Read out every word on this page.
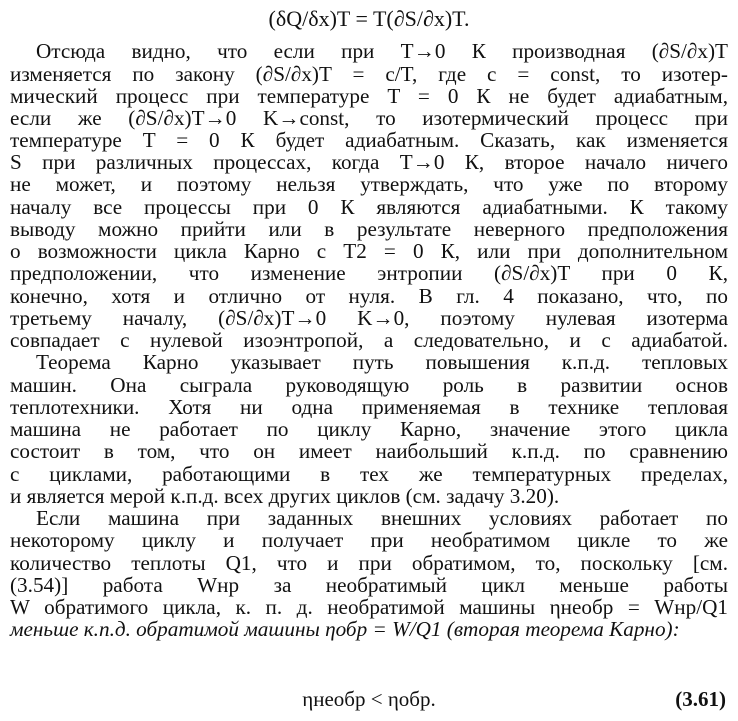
(δQ/δx)T = T(∂S/∂x)T.
Отсюда видно, что если при T→0 К производная (∂S/∂x)T
изменяется по закону (∂S/∂x)T = c/T, где c = const, то изотер-
мический процесс при температуре T = 0 К не будет адиабатным,
если же (∂S/∂x)T→0 K→const, то изотермический процесс при
температуре T = 0 К будет адиабатным. Сказать, как изменяется
S при различных процессах, когда T→0 К, второе начало ничего
не может, и поэтому нельзя утверждать, что уже по второму
началу все процессы при 0 К являются адиабатными. К такому
выводу можно прийти или в результате неверного предположения
о возможности цикла Карно с T2 = 0 К, или при дополнительном
предположении, что изменение энтропии (∂S/∂x)T при 0 К,
конечно, хотя и отлично от нуля. В гл. 4 показано, что, по
третьему началу, (∂S/∂x)T→0 K→0, поэтому нулевая изотерма
совпадает с нулевой изоэнтропой, а следовательно, и с адиабатой.
Теорема Карно указывает путь повышения к.п.д. тепловых
машин. Она сыграла руководящую роль в развитии основ
теплотехники. Хотя ни одна применяемая в технике тепловая
машина не работает по циклу Карно, значение этого цикла
состоит в том, что он имеет наибольший к.п.д. по сравнению
с циклами, работающими в тех же температурных пределах,
и является мерой к.п.д. всех других циклов (см. задачу 3.20).
Если машина при заданных внешних условиях работает по
некоторому циклу и получает при необратимом цикле то же
количество теплоты Q1, что и при обратимом, то, поскольку [см.
(3.54)] работа Wнр за необратимый цикл меньше работы
W обратимого цикла, к. п. д. необратимой машины ηнеобр = Wнр/Q1
меньше к.п.д. обратимой машины ηобр = W/Q1 (вторая теорема Карно):
ηнеобр < ηобр.	(3.61)
